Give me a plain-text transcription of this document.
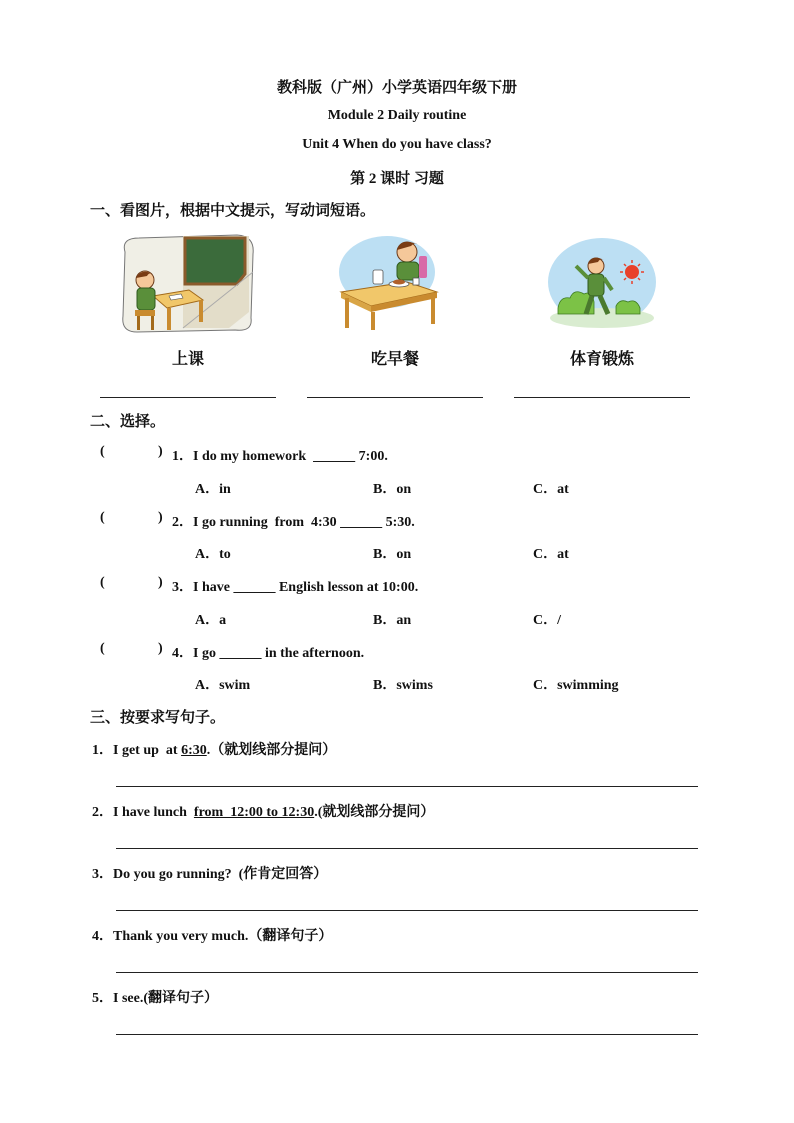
教科版（广州）小学英语四年级下册
Module 2 Daily routine
Unit 4 When do you have class?
第 2 课时 习题
一、看图片，根据中文提示，写动词短语。
上课	吃早餐	体育锻炼
二、选择。
(	) 1．I do my homework  ______ 7:00.
A．in	B．on	C．at
(	) 2．I go running  from  4:30 ______ 5:30.
A．to	B．on	C．at
(	) 3．I have ______ English lesson at 10:00.
A．a	B．an	C．/
(	) 4．I go ______ in the afternoon.
A．swim	B．swims	C．swimming
三、按要求写句子。
1．I get up  at 6:30.（就划线部分提问）
2．I have lunch  from  12:00 to 12:30.(就划线部分提问）
3．Do you go running?  (作肯定回答）
4．Thank you very much.（翻译句子）
5．I see.(翻译句子）
